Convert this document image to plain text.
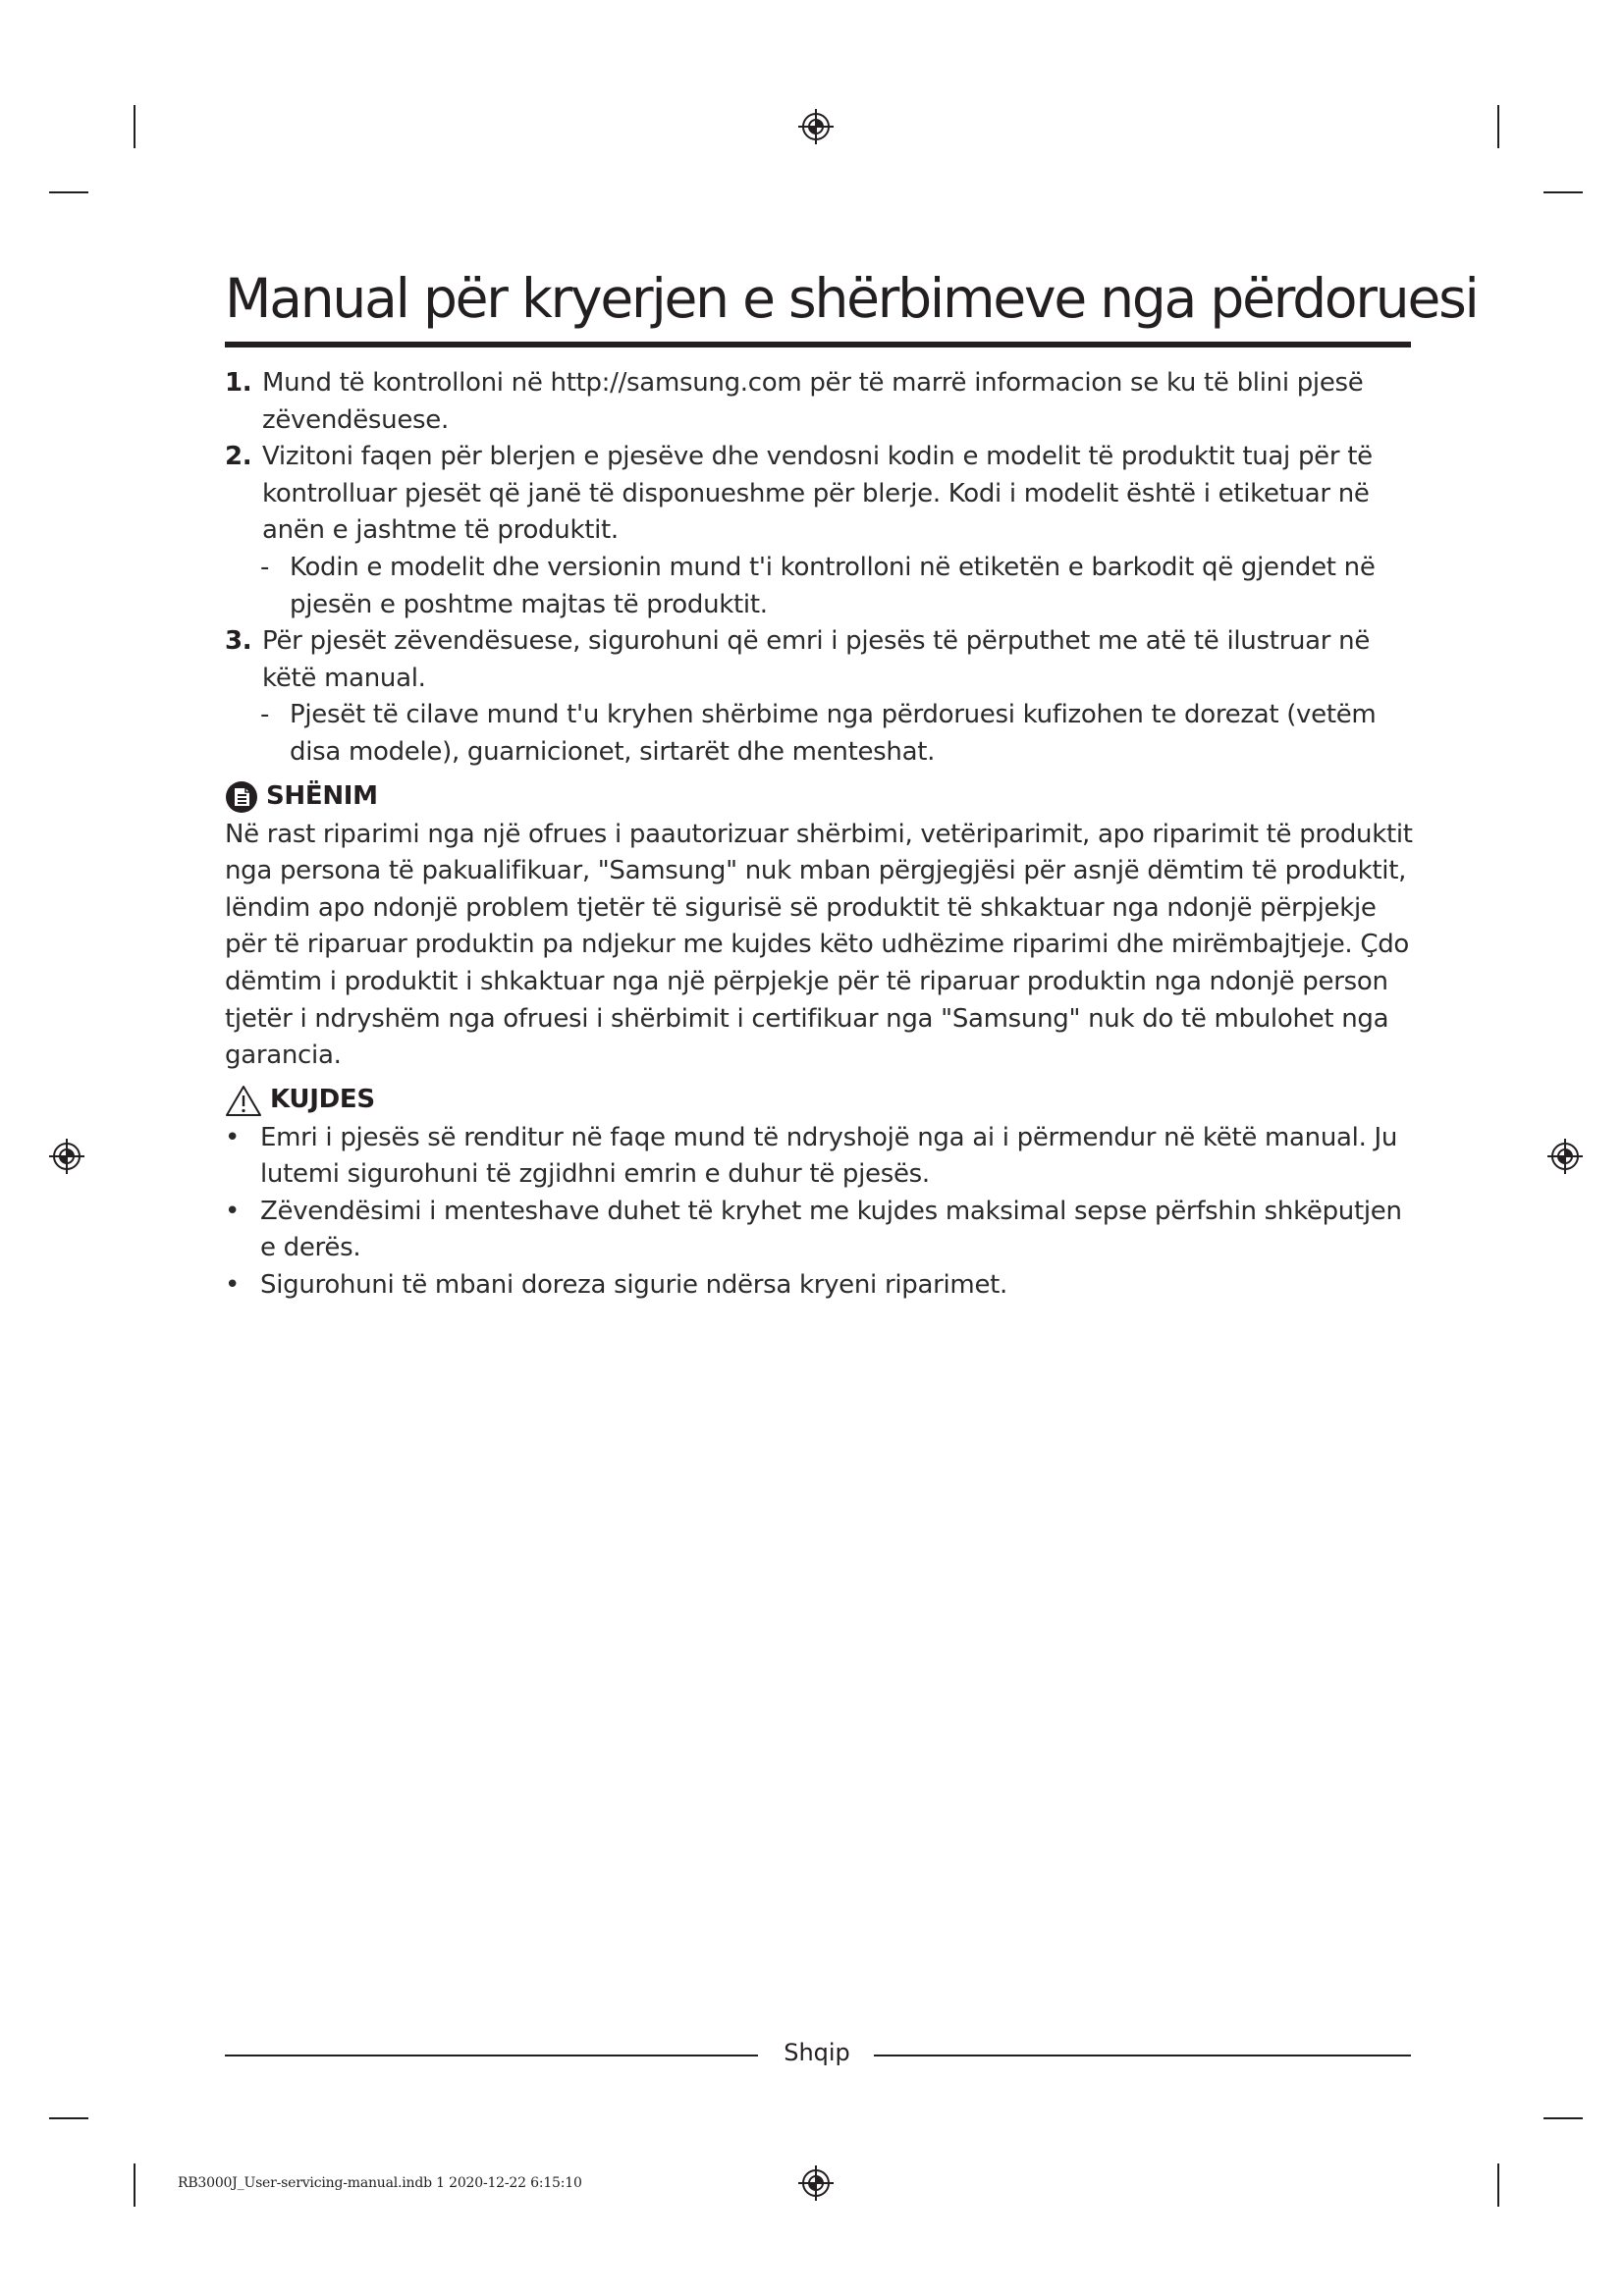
Manual për kryerjen e shërbimeve nga përdoruesi
1. Mund të kontrolloni në http://samsung.com për të marrë informacion se ku të blini pjesë zëvendësuese.
2. Vizitoni faqen për blerjen e pjesëve dhe vendosni kodin e modelit të produktit tuaj për të kontrolluar pjesët që janë të disponueshme për blerje. Kodi i modelit është i etiketuar në anën e jashtme të produktit.
- Kodin e modelit dhe versionin mund t'i kontrolloni në etiketën e barkodit që gjendet në pjesën e poshtme majtas të produktit.
3. Për pjesët zëvendësuese, sigurohuni që emri i pjesës të përputhet me atë të ilustruar në këtë manual.
- Pjesët të cilave mund t'u kryhen shërbime nga përdoruesi kufizohen te dorezat (vetëm disa modele), guarnicionet, sirtarët dhe menteshat.
SHËNIM
Në rast riparimi nga një ofrues i paautorizuar shërbimi, vetëriparimit, apo riparimit të produktit nga persona të pakualifikuar, "Samsung" nuk mban përgjegjësi për asnjë dëmtim të produktit, lëndim apo ndonjë problem tjetër të sigurisë së produktit të shkaktuar nga ndonjë përpjekje për të riparuar produktin pa ndjekur me kujdes këto udhëzime riparimi dhe mirëmbajtjeje. Çdo dëmtim i produktit i shkaktuar nga një përpjekje për të riparuar produktin nga ndonjë person tjetër i ndryshëm nga ofruesi i shërbimit i certifikuar nga "Samsung" nuk do të mbulohet nga garancia.
KUJDES
• Emri i pjesës së renditur në faqe mund të ndryshojë nga ai i përmendur në këtë manual. Ju lutemi sigurohuni të zgjidhni emrin e duhur të pjesës.
• Zëvendësimi i menteshave duhet të kryhet me kujdes maksimal sepse përfshin shkëputjen e derës.
• Sigurohuni të mbani doreza sigurie ndërsa kryeni riparimet.
Shqip
RB3000J_User-servicing-manual.indb 1 2020-12-22 6:15:10
